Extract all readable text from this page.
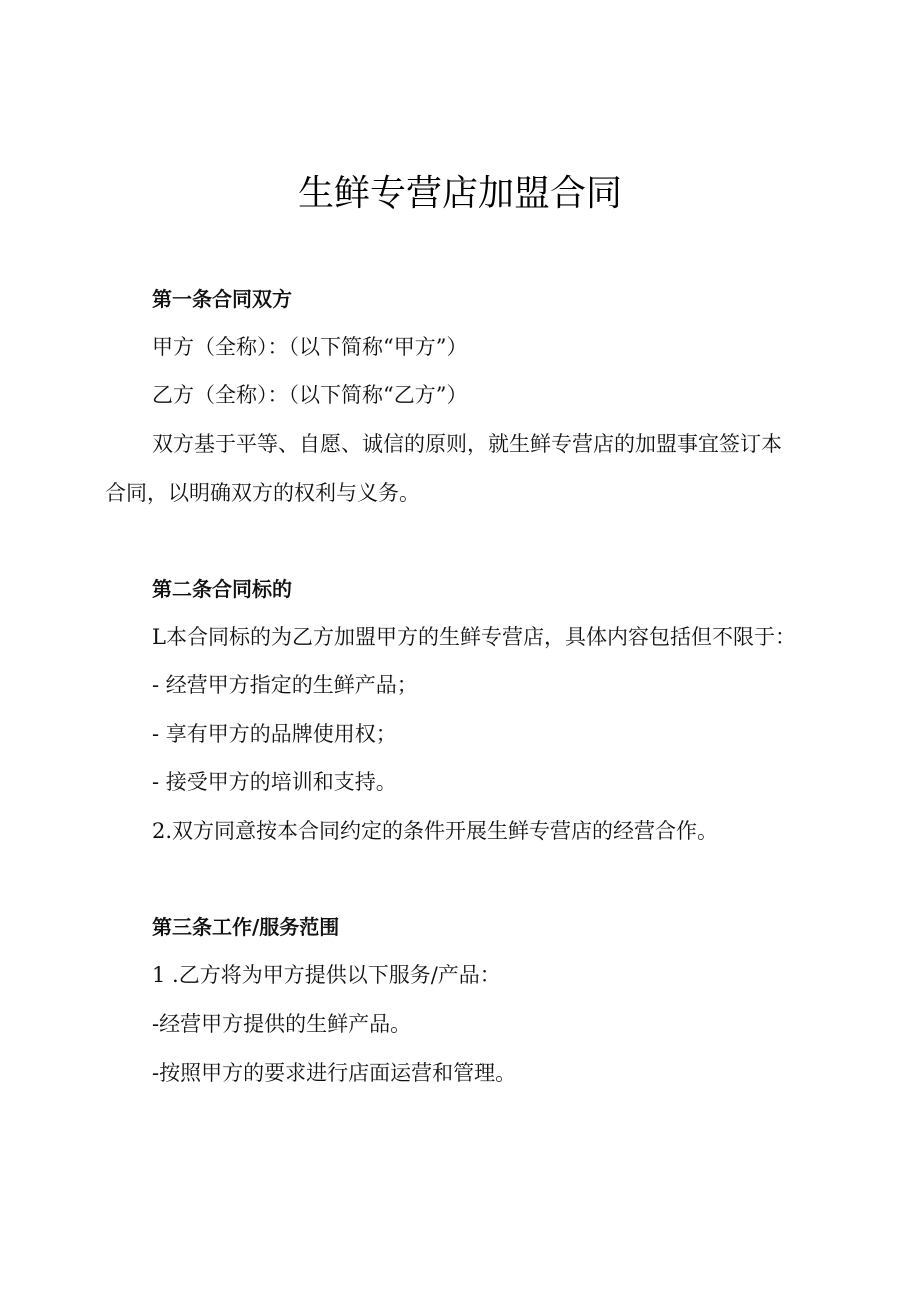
生鲜专营店加盟合同
第一条合同双方
甲方（全称）：（以下简称“甲方”）
乙方（全称）：（以下简称“乙方”）
双方基于平等、自愿、诚信的原则，就生鲜专营店的加盟事宜签订本
合同，以明确双方的权利与义务。
第二条合同标的
L本合同标的为乙方加盟甲方的生鲜专营店，具体内容包括但不限于：
- 经营甲方指定的生鲜产品；
- 享有甲方的品牌使用权；
- 接受甲方的培训和支持。
2.双方同意按本合同约定的条件开展生鲜专营店的经营合作。
第三条工作/服务范围
1 .乙方将为甲方提供以下服务/产品：
-经营甲方提供的生鲜产品。
-按照甲方的要求进行店面运营和管理。
